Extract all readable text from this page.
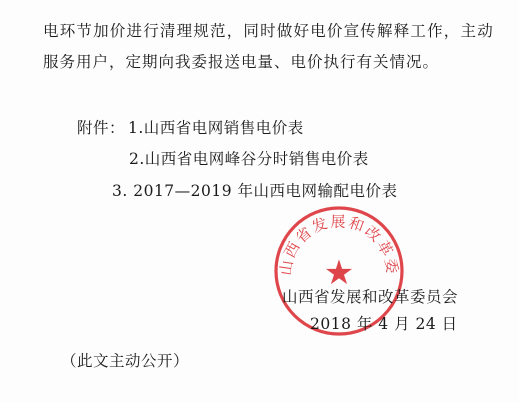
电环节加价进行清理规范，同时做好电价宣传解释工作，主动
服务用户，定期向我委报送电量、电价执行有关情况。
附件： 1.山西省电网销售电价表
2.山西省电网峰谷分时销售电价表
3. 2017—2019 年山西电网输配电价表
山西省发展和改革委
★
山西省发展和改革委员会
2018 年 4 月 24 日
（此文主动公开）
